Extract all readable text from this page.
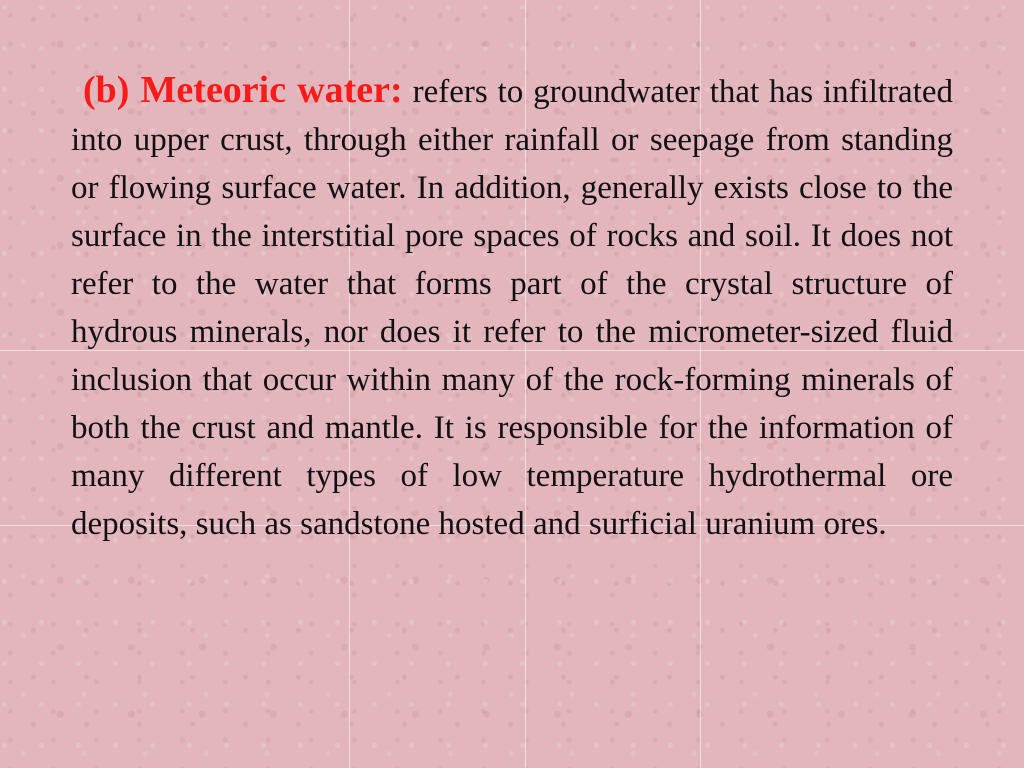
(b) Meteoric water: refers to groundwater that has infiltrated into upper crust, through either rainfall or seepage from standing or flowing surface water. In addition, generally exists close to the surface in the interstitial pore spaces of rocks and soil. It does not refer to the water that forms part of the crystal structure of hydrous minerals, nor does it refer to the micrometer-sized fluid inclusion that occur within many of the rock-forming minerals of both the crust and mantle. It is responsible for the information of many different types of low temperature hydrothermal ore deposits, such as sandstone hosted and surficial uranium ores.
